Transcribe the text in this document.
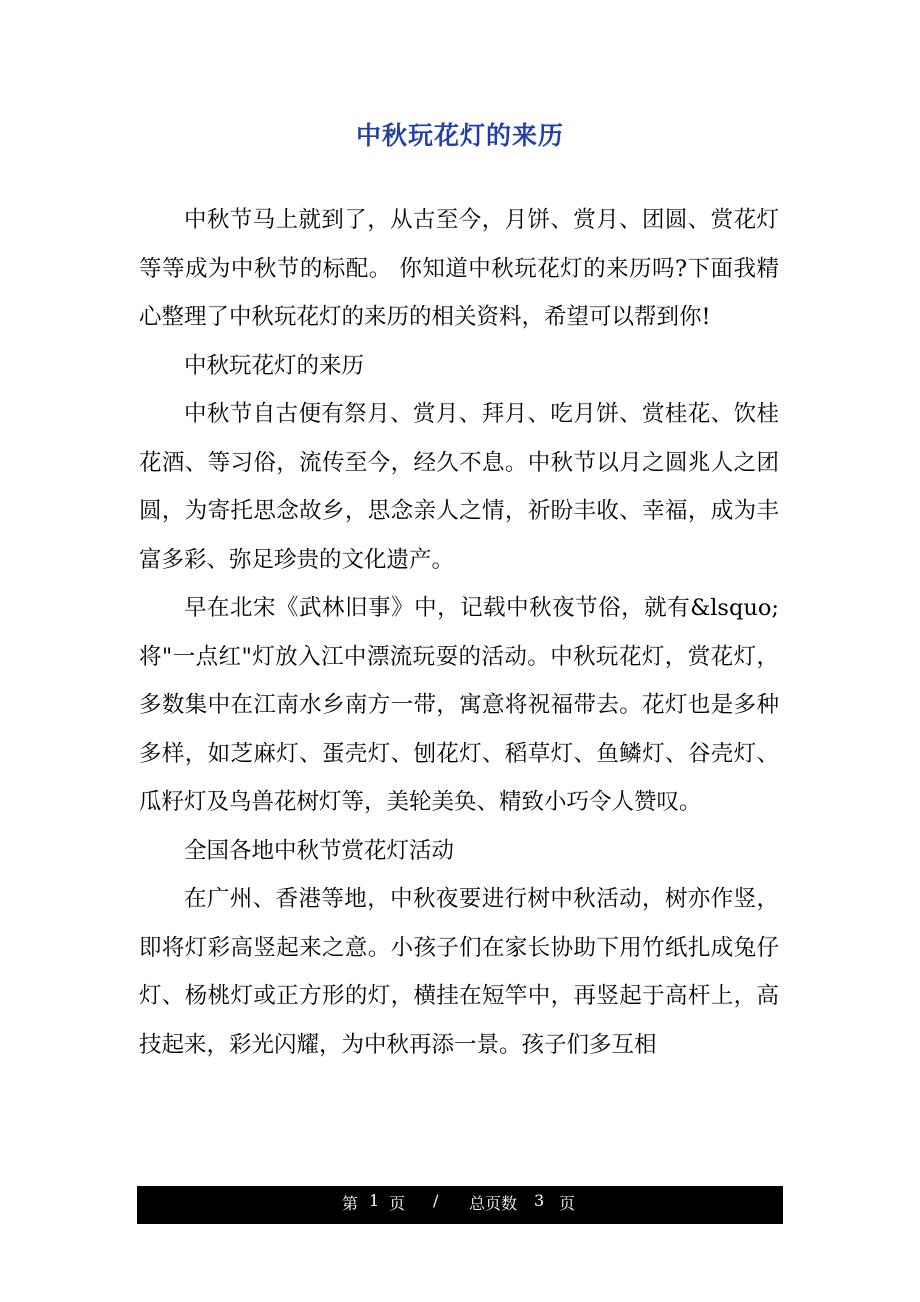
中秋玩花灯的来历

中秋节马上就到了，从古至今，月饼、赏月、团圆、赏花灯等等成为中秋节的标配。 你知道中秋玩花灯的来历吗?下面我精心整理了中秋玩花灯的来历的相关资料，希望可以帮到你!

中秋玩花灯的来历

中秋节自古便有祭月、赏月、拜月、吃月饼、赏桂花、饮桂花酒、等习俗，流传至今，经久不息。中秋节以月之圆兆人之团圆，为寄托思念故乡，思念亲人之情，祈盼丰收、幸福，成为丰富多彩、弥足珍贵的文化遗产。

早在北宋《武林旧事》中，记载中秋夜节俗，就有&lsquo;将"一点红"灯放入江中漂流玩耍的活动。中秋玩花灯，赏花灯，多数集中在江南水乡南方一带，寓意将祝福带去。花灯也是多种多样，如芝麻灯、蛋壳灯、刨花灯、稻草灯、鱼鳞灯、谷壳灯、瓜籽灯及鸟兽花树灯等，美轮美奂、精致小巧令人赞叹。

全国各地中秋节赏花灯活动

在广州、香港等地，中秋夜要进行树中秋活动，树亦作竖，即将灯彩高竖起来之意。小孩子们在家长协助下用竹纸扎成兔仔灯、杨桃灯或正方形的灯，横挂在短竿中，再竖起于高杆上，高技起来，彩光闪耀，为中秋再添一景。孩子们多互相

第 1 页 / 总页数 3 页
